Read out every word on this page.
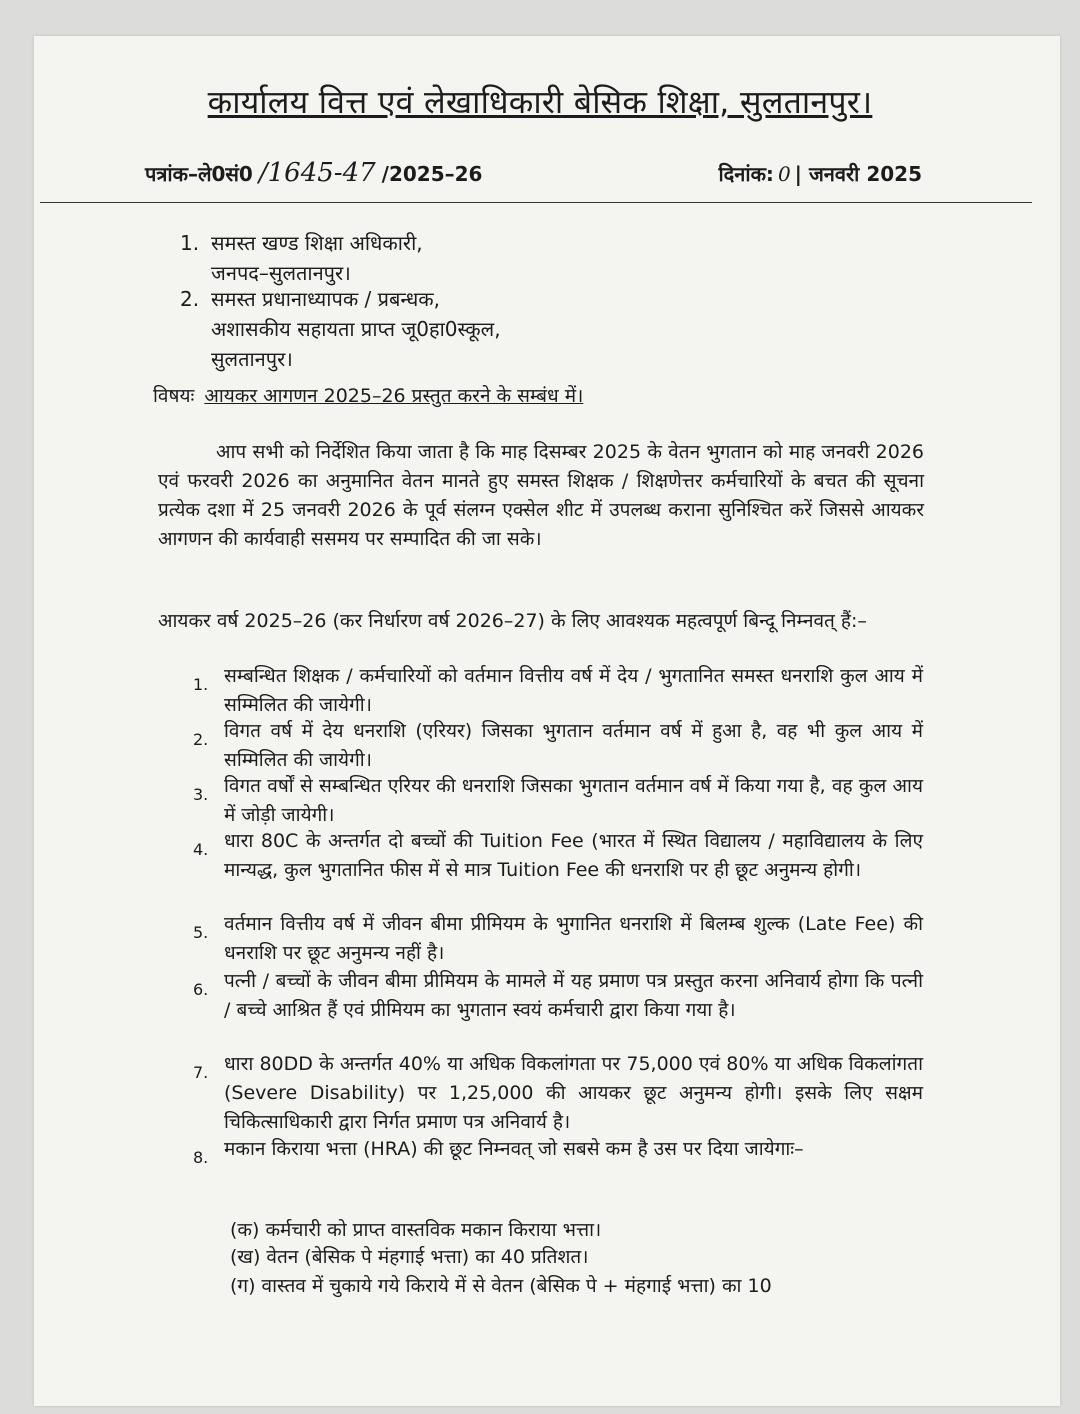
कार्यालय वित्त एवं लेखाधिकारी बेसिक शिक्षा, सुलतानपुर।
पत्रांक–ले0सं0 /1645-47 /2025–26	दिनांक: 0 | जनवरी 2025
1. समस्त खण्ड शिक्षा अधिकारी,
जनपद–सुलतानपुर।
2. समस्त प्रधानाध्यापक / प्रबन्धक,
अशासकीय सहायता प्राप्त जू0हा0स्कूल,
सुलतानपुर।
विषयः आयकर आगणन 2025–26 प्रस्तुत करने के सम्बंध में।
आप सभी को निर्देशित किया जाता है कि माह दिसम्बर 2025 के वेतन भुगतान को माह जनवरी 2026 एवं फरवरी 2026 का अनुमानित वेतन मानते हुए समस्त शिक्षक / शिक्षणेत्तर कर्मचारियों के बचत की सूचना प्रत्येक दशा में 25 जनवरी 2026 के पूर्व संलग्न एक्सेल शीट में उपलब्ध कराना सुनिश्चित करें जिससे आयकर आगणन की कार्यवाही ससमय पर सम्पादित की जा सके।
आयकर वर्ष 2025–26 (कर निर्धारण वर्ष 2026–27) के लिए आवश्यक महत्वपूर्ण बिन्दू निम्नवत् हैं:–
1. सम्बन्धित शिक्षक / कर्मचारियों को वर्तमान वित्तीय वर्ष में देय / भुगतानित समस्त धनराशि कुल आय में सम्मिलित की जायेगी।
2. विगत वर्ष में देय धनराशि (एरियर) जिसका भुगतान वर्तमान वर्ष में हुआ है, वह भी कुल आय में सम्मिलित की जायेगी।
3. विगत वर्षों से सम्बन्धित एरियर की धनराशि जिसका भुगतान वर्तमान वर्ष में किया गया है, वह कुल आय में जोड़ी जायेगी।
4. धारा 80C के अन्तर्गत दो बच्चों की Tuition Fee (भारत में स्थित विद्यालय / महाविद्यालय के लिए मान्यद्ध, कुल भुगतानित फीस में से मात्र Tuition Fee की धनराशि पर ही छूट अनुमन्य होगी।
5. वर्तमान वित्तीय वर्ष में जीवन बीमा प्रीमियम के भुगानित धनराशि में बिलम्ब शुल्क (Late Fee) की धनराशि पर छूट अनुमन्य नहीं है।
6. पत्नी / बच्चों के जीवन बीमा प्रीमियम के मामले में यह प्रमाण पत्र प्रस्तुत करना अनिवार्य होगा कि पत्नी / बच्चे आश्रित हैं एवं प्रीमियम का भुगतान स्वयं कर्मचारी द्वारा किया गया है।
7. धारा 80DD के अन्तर्गत 40% या अधिक विकलांगता पर 75,000 एवं 80% या अधिक विकलांगता (Severe Disability) पर 1,25,000 की आयकर छूट अनुमन्य होगी। इसके लिए सक्षम चिकित्साधिकारी द्वारा निर्गत प्रमाण पत्र अनिवार्य है।
8. मकान किराया भत्ता (HRA) की छूट निम्नवत् जो सबसे कम है उस पर दिया जायेगाः–
(क) कर्मचारी को प्राप्त वास्तविक मकान किराया भत्ता।
(ख) वेतन (बेसिक पे मंहगाई भत्ता) का 40 प्रतिशत।
(ग) वास्तव में चुकाये गये किराये में से वेतन (बेसिक पे + मंहगाई भत्ता) का 10
